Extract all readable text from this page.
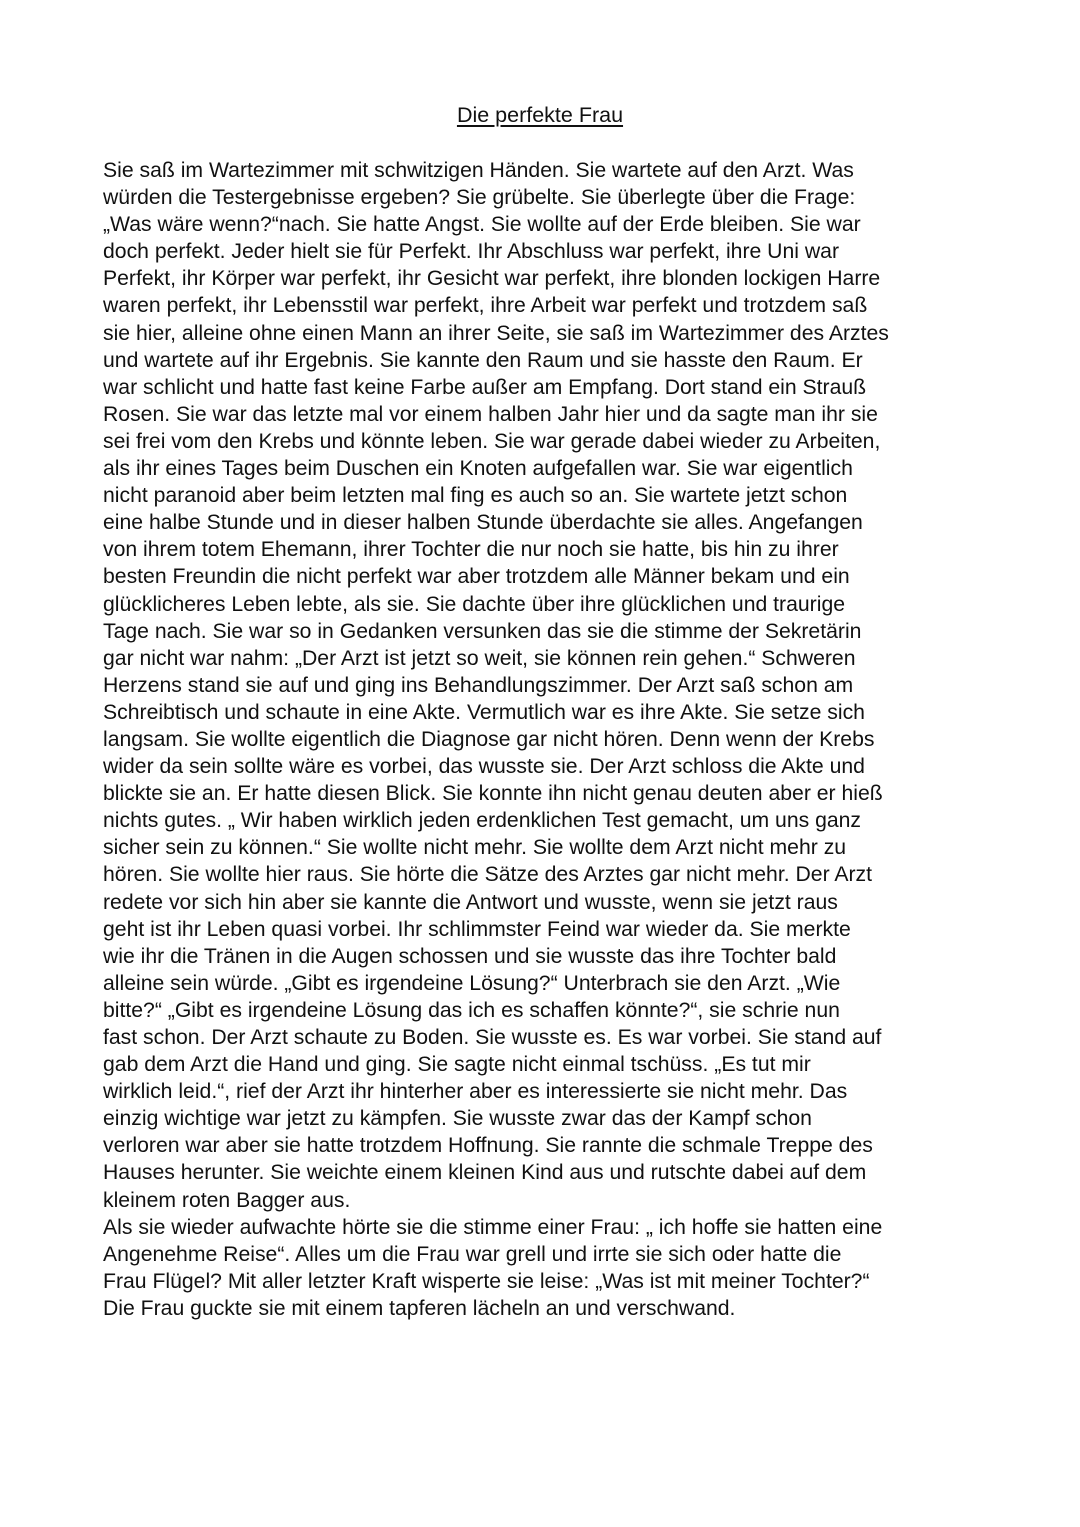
Die perfekte Frau
Sie saß im Wartezimmer mit schwitzigen Händen. Sie wartete auf den Arzt. Was
würden die Testergebnisse ergeben? Sie grübelte. Sie überlegte über die Frage:
„Was wäre wenn?“nach. Sie hatte Angst. Sie wollte auf der Erde bleiben. Sie war
doch perfekt. Jeder hielt sie für Perfekt. Ihr Abschluss war perfekt, ihre Uni war
Perfekt, ihr Körper war perfekt, ihr Gesicht war perfekt, ihre blonden lockigen Harre
waren perfekt, ihr Lebensstil war perfekt, ihre Arbeit war perfekt und trotzdem saß
sie hier, alleine ohne einen Mann an ihrer Seite, sie saß im Wartezimmer des Arztes
und wartete auf ihr Ergebnis. Sie kannte den Raum und sie hasste den Raum. Er
war schlicht und hatte fast keine Farbe außer am Empfang. Dort stand ein Strauß
Rosen. Sie war das letzte mal vor einem halben Jahr hier und da sagte man ihr sie
sei frei vom den Krebs und könnte leben. Sie war gerade dabei wieder zu Arbeiten,
als ihr eines Tages beim Duschen ein Knoten aufgefallen war. Sie war eigentlich
nicht paranoid aber beim letzten mal fing es auch so an. Sie wartete jetzt schon
eine halbe Stunde und in dieser halben Stunde überdachte sie alles. Angefangen
von ihrem totem Ehemann, ihrer Tochter die nur noch sie hatte, bis hin zu ihrer
besten Freundin die nicht perfekt war aber trotzdem alle Männer bekam und ein
glücklicheres Leben lebte, als sie. Sie dachte über ihre glücklichen und traurige
Tage nach. Sie war so in Gedanken versunken das sie die stimme der Sekretärin
gar nicht war nahm: „Der Arzt ist jetzt so weit, sie können rein gehen.“ Schweren
Herzens stand sie auf und ging ins Behandlungszimmer. Der Arzt saß schon am
Schreibtisch und schaute in eine Akte. Vermutlich war es ihre Akte. Sie setze sich
langsam. Sie wollte eigentlich die Diagnose gar nicht hören. Denn wenn der Krebs
wider da sein sollte wäre es vorbei, das wusste sie. Der Arzt schloss die Akte und
blickte sie an. Er hatte diesen Blick. Sie konnte ihn nicht genau deuten aber er hieß
nichts gutes. „ Wir haben wirklich jeden erdenklichen Test gemacht, um uns ganz
sicher sein zu können.“ Sie wollte nicht mehr. Sie wollte dem Arzt nicht mehr zu
hören. Sie wollte hier raus. Sie hörte die Sätze des Arztes gar nicht mehr. Der Arzt
redete vor sich hin aber sie kannte die Antwort und wusste, wenn sie jetzt raus
geht ist ihr Leben quasi vorbei. Ihr schlimmster Feind war wieder da. Sie merkte
wie ihr die Tränen in die Augen schossen und sie wusste das ihre Tochter bald
alleine sein würde. „Gibt es irgendeine Lösung?“ Unterbrach sie den Arzt. „Wie
bitte?“ „Gibt es irgendeine Lösung das ich es schaffen könnte?“, sie schrie nun
fast schon. Der Arzt schaute zu Boden. Sie wusste es. Es war vorbei. Sie stand auf
gab dem Arzt die Hand und ging. Sie sagte nicht einmal tschüss. „Es tut mir
wirklich leid.“, rief der Arzt ihr hinterher aber es interessierte sie nicht mehr. Das
einzig wichtige war jetzt zu kämpfen. Sie wusste zwar das der Kampf schon
verloren war aber sie hatte trotzdem Hoffnung. Sie rannte die schmale Treppe des
Hauses herunter. Sie weichte einem kleinen Kind aus und rutschte dabei auf dem
kleinem roten Bagger aus.
Als sie wieder aufwachte hörte sie die stimme einer Frau: „ ich hoffe sie hatten eine
Angenehme Reise“. Alles um die Frau war grell und irrte sie sich oder hatte die
Frau Flügel? Mit aller letzter Kraft wisperte sie leise: „Was ist mit meiner Tochter?“
Die Frau guckte sie mit einem tapferen lächeln an und verschwand.
